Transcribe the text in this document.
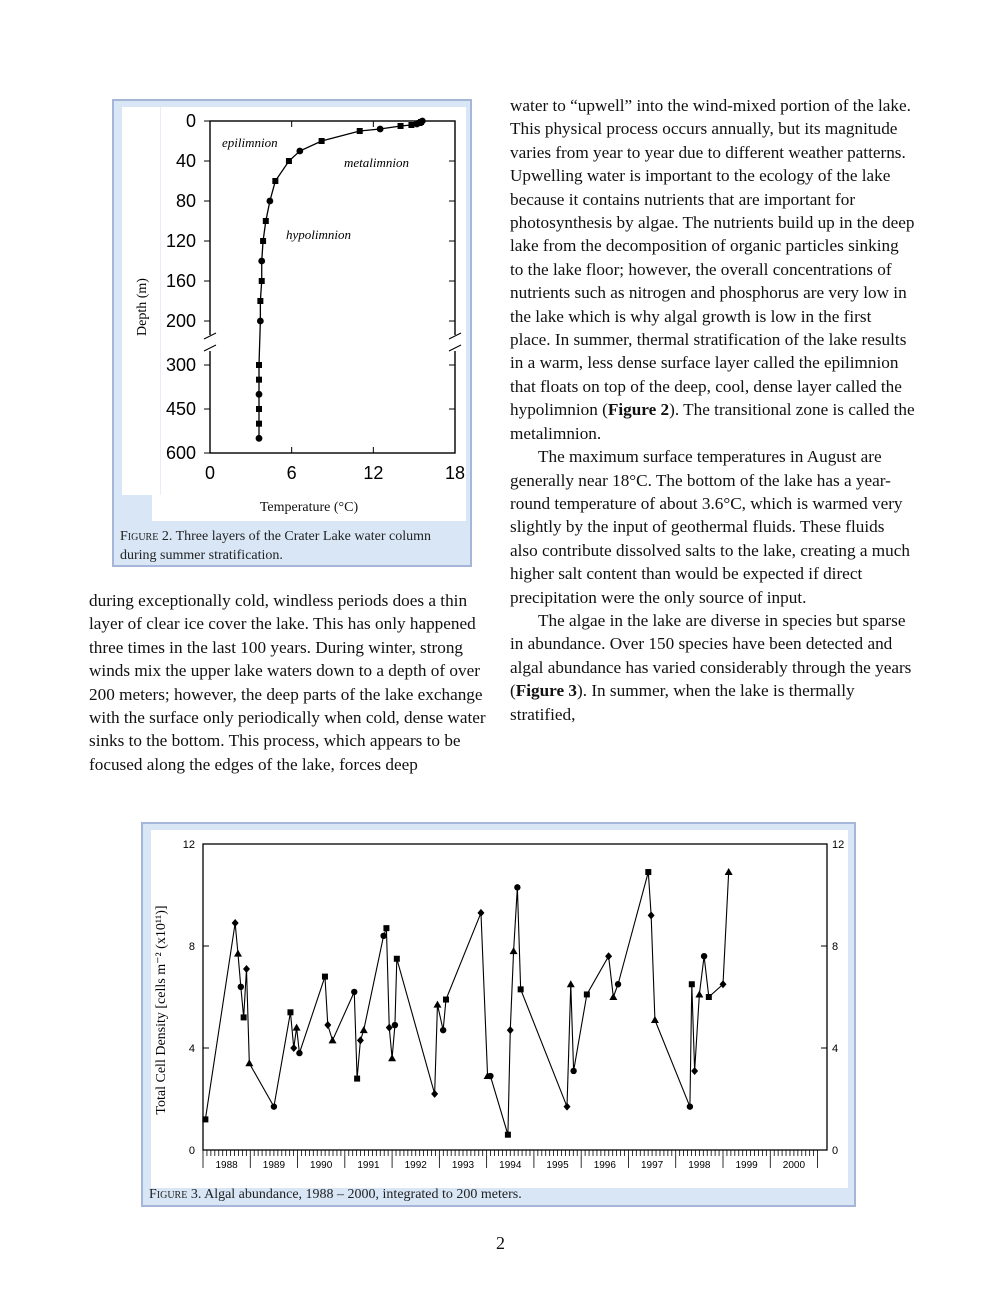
water to “upwell” into the wind-mixed portion of the lake. This physical process occurs annually, but its magnitude varies from year to year due to different weather patterns. Upwelling water is important to the ecology of the lake because it contains nutrients that are important for photosynthesis by algae. The nutrients build up in the deep lake from the decomposition of organic particles sinking to the lake floor; however, the overall concentrations of nutrients such as nitrogen and phosphorus are very low in the lake which is why algal growth is low in the first place. In summer, thermal stratification of the lake results in a warm, less dense surface layer called the epilimnion that floats on top of the deep, cool, dense layer called the hypolimnion (Figure 2). The transitional zone is called the metalimnion.
The maximum surface temperatures in August are generally near 18°C. The bottom of the lake has a year-round temperature of about 3.6°C, which is warmed very slightly by the input of geothermal fluids. These fluids also contribute dissolved salts to the lake, creating a much higher salt content than would be expected if direct precipitation were the only source of input.
The algae in the lake are diverse in species but sparse in abundance. Over 150 species have been detected and algal abundance has varied considerably through the years (Figure 3). In summer, when the lake is thermally stratified,

during exceptionally cold, windless periods does a thin layer of clear ice cover the lake. This has only happened three times in the last 100 years. During winter, strong winds mix the upper lake waters down to a depth of over 200 meters; however, the deep parts of the lake exchange with the surface only periodically when cold, dense water sinks to the bottom. This process, which appears to be focused along the edges of the lake, forces deep

Depth (m)
0
40
80
120
160
200
300
450
600
0	6	12	18
epilimnion
metalimnion
hypolimnion
Temperature (°C)
Figure 2. Three layers of the Crater Lake water column during summer stratification.
Total Cell Density [cells m⁻² (x10¹¹)]
0	0
4	4
8	8
12	12
1988	1989	1990	1991	1992	1993	1994	1995	1996	1997	1998	1999	2000
Figure 3. Algal abundance, 1988 – 2000, integrated to 200 meters.
2
